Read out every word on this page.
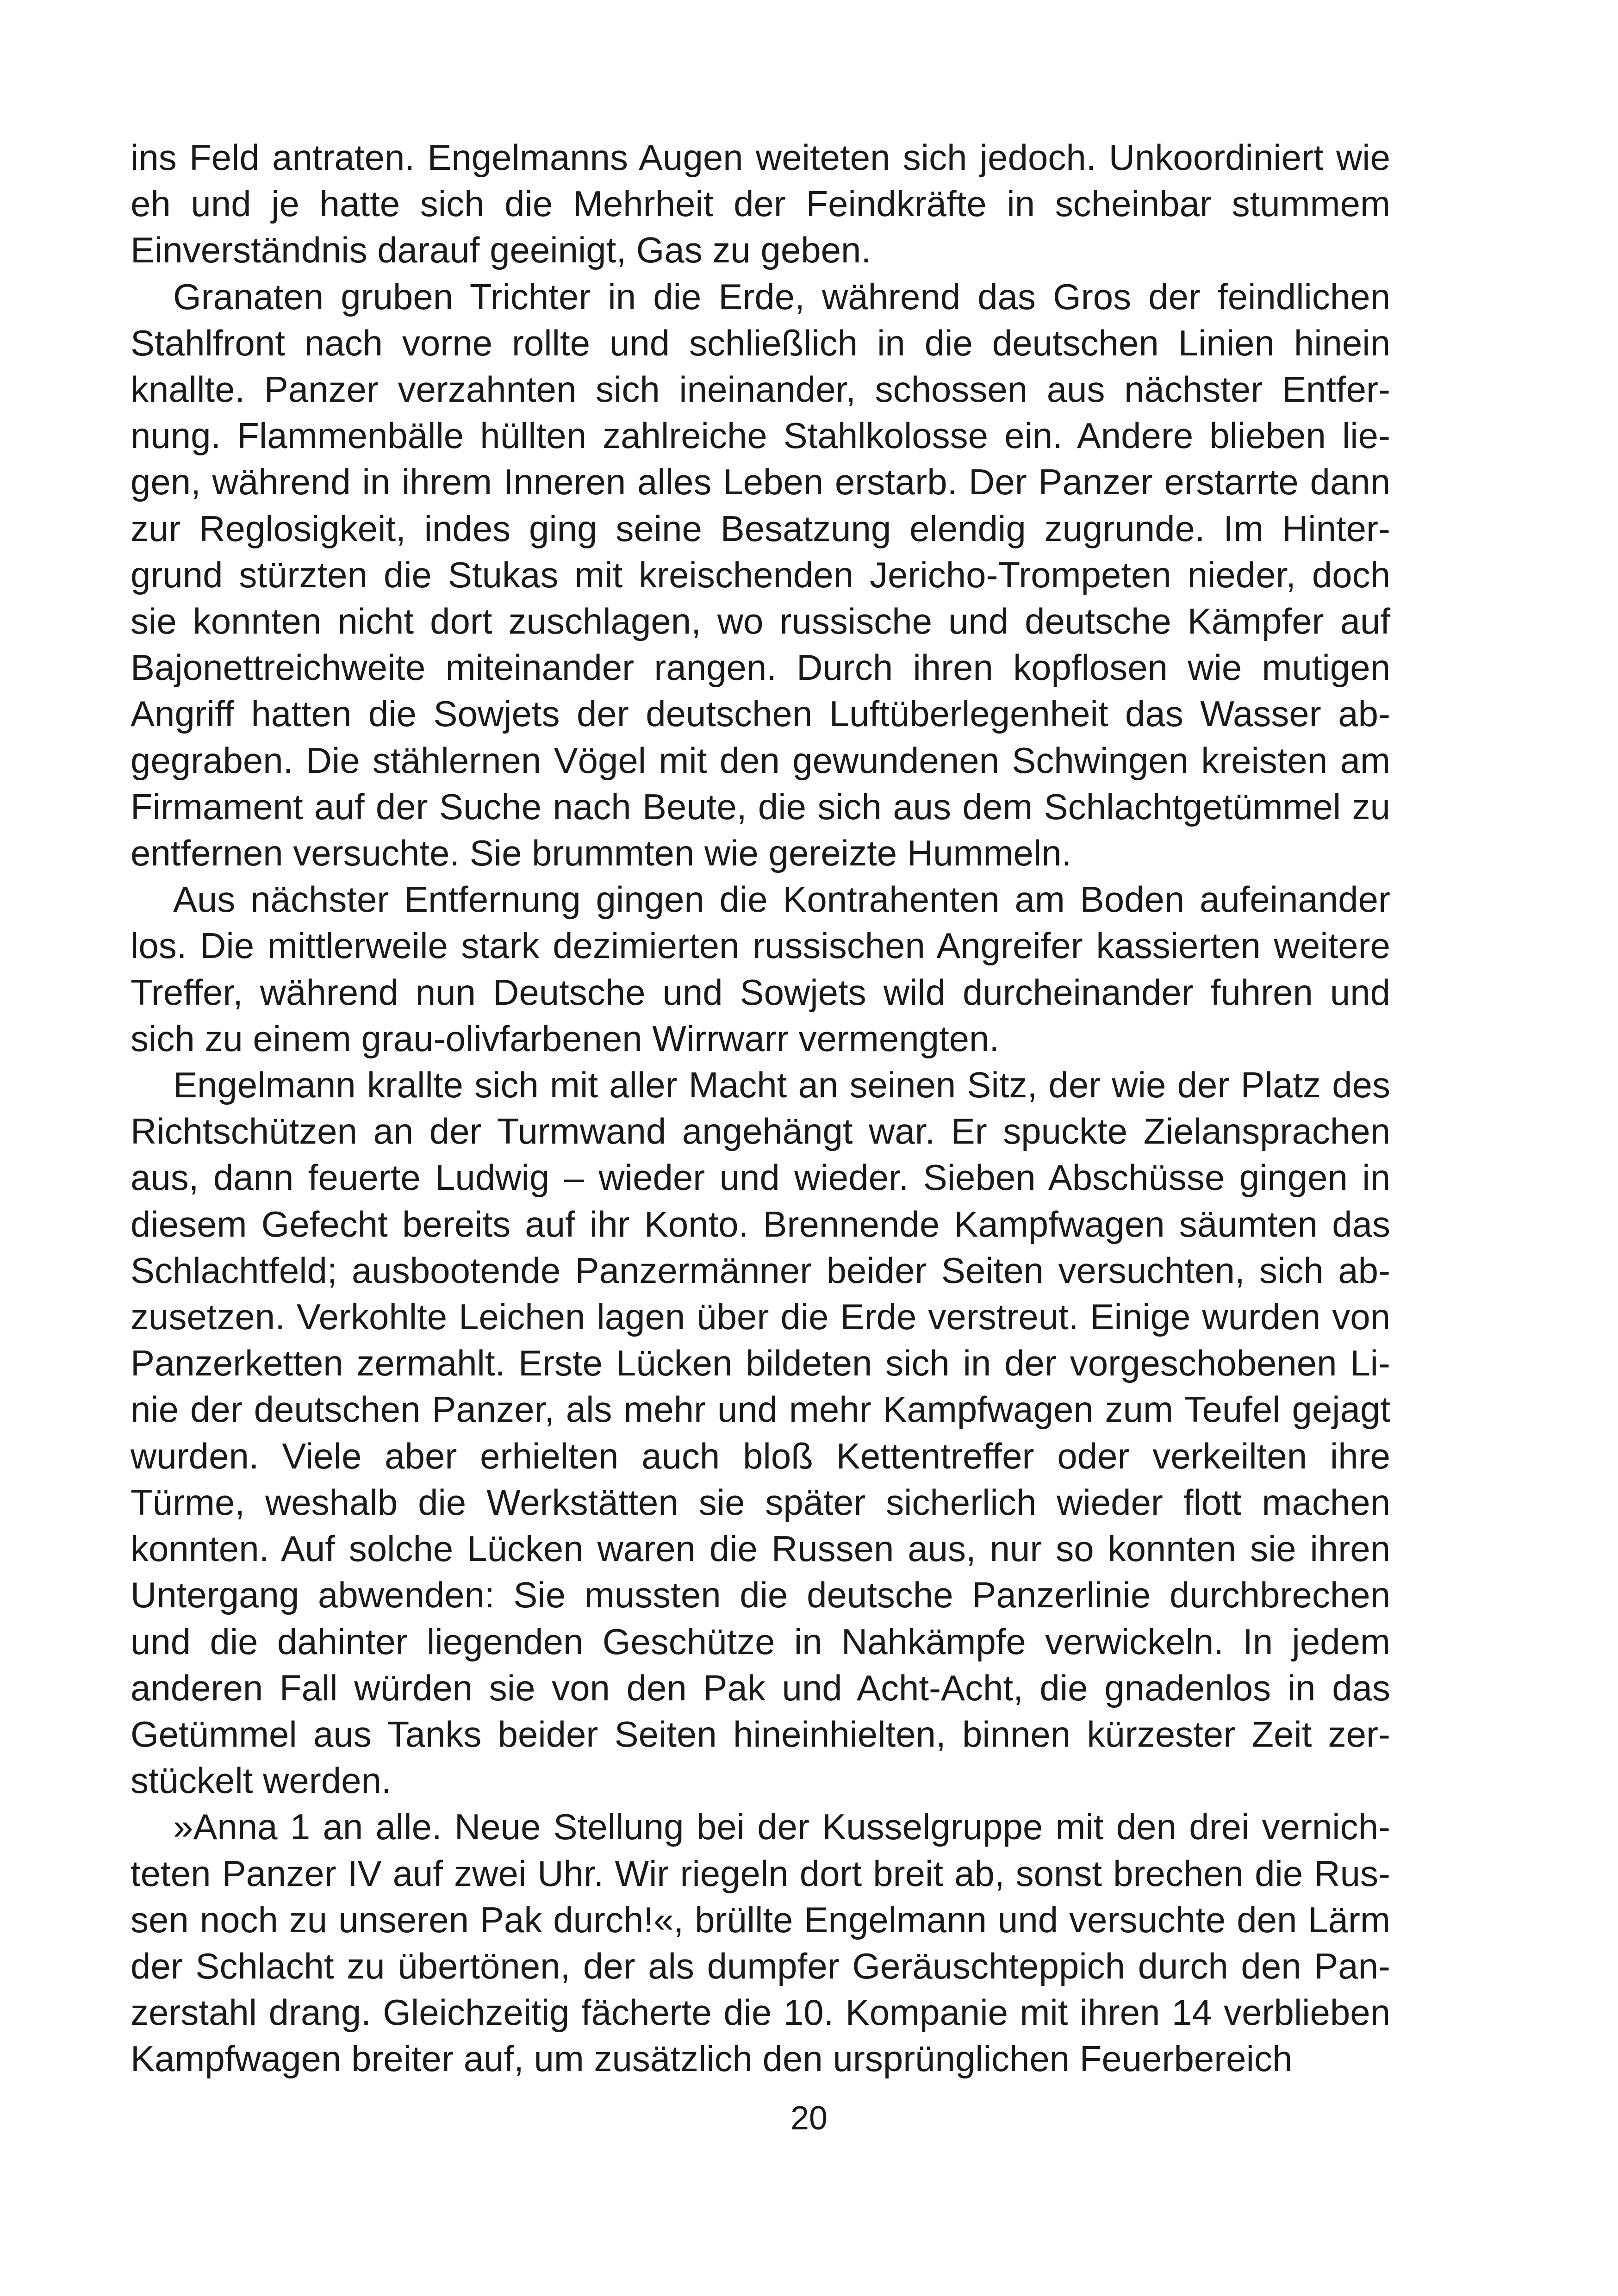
ins Feld antraten. Engelmanns Augen weiteten sich jedoch. Unkoordiniert wie eh und je hatte sich die Mehrheit der Feindkräfte in scheinbar stummem Einverständnis darauf geeinigt, Gas zu geben.

Granaten gruben Trichter in die Erde, während das Gros der feindlichen Stahlfront nach vorne rollte und schließlich in die deutschen Linien hinein knallte. Panzer verzahnten sich ineinander, schossen aus nächster Entfernung. Flammenbälle hüllten zahlreiche Stahlkolosse ein. Andere blieben liegen, während in ihrem Inneren alles Leben erstarb. Der Panzer erstarrte dann zur Reglosigkeit, indes ging seine Besatzung elendig zugrunde. Im Hintergrund stürzten die Stukas mit kreischenden Jericho-Trompeten nieder, doch sie konnten nicht dort zuschlagen, wo russische und deutsche Kämpfer auf Bajonettreichweite miteinander rangen. Durch ihren kopflosen wie mutigen Angriff hatten die Sowjets der deutschen Luftüberlegenheit das Wasser abgegraben. Die stählernen Vögel mit den gewundenen Schwingen kreisten am Firmament auf der Suche nach Beute, die sich aus dem Schlachtgetümmel zu entfernen versuchte. Sie brummten wie gereizte Hummeln.

Aus nächster Entfernung gingen die Kontrahenten am Boden aufeinander los. Die mittlerweile stark dezimierten russischen Angreifer kassierten weitere Treffer, während nun Deutsche und Sowjets wild durcheinander fuhren und sich zu einem grau-olivfarbenen Wirrwarr vermengten.

Engelmann krallte sich mit aller Macht an seinen Sitz, der wie der Platz des Richtschützen an der Turmwand angehängt war. Er spuckte Zielansprachen aus, dann feuerte Ludwig – wieder und wieder. Sieben Abschüsse gingen in diesem Gefecht bereits auf ihr Konto. Brennende Kampfwagen säumten das Schlachtfeld; ausbootende Panzermänner beider Seiten versuchten, sich abzusetzen. Verkohlte Leichen lagen über die Erde verstreut. Einige wurden von Panzerketten zermahlt. Erste Lücken bildeten sich in der vorgeschobenen Linie der deutschen Panzer, als mehr und mehr Kampfwagen zum Teufel gejagt wurden. Viele aber erhielten auch bloß Kettentreffer oder verkeilten ihre Türme, weshalb die Werkstätten sie später sicherlich wieder flott machen konnten. Auf solche Lücken waren die Russen aus, nur so konnten sie ihren Untergang abwenden: Sie mussten die deutsche Panzerlinie durchbrechen und die dahinter liegenden Geschütze in Nahkämpfe verwickeln. In jedem anderen Fall würden sie von den Pak und Acht-Acht, die gnadenlos in das Getümmel aus Tanks beider Seiten hineinhielten, binnen kürzester Zeit zerstückelt werden.

»Anna 1 an alle. Neue Stellung bei der Kusselgruppe mit den drei vernichteten Panzer IV auf zwei Uhr. Wir riegeln dort breit ab, sonst brechen die Russen noch zu unseren Pak durch!«, brüllte Engelmann und versuchte den Lärm der Schlacht zu übertönen, der als dumpfer Geräuschteppich durch den Panzerstahl drang. Gleichzeitig fächerte die 10. Kompanie mit ihren 14 verblieben Kampfwagen breiter auf, um zusätzlich den ursprünglichen Feuerbereich

20
